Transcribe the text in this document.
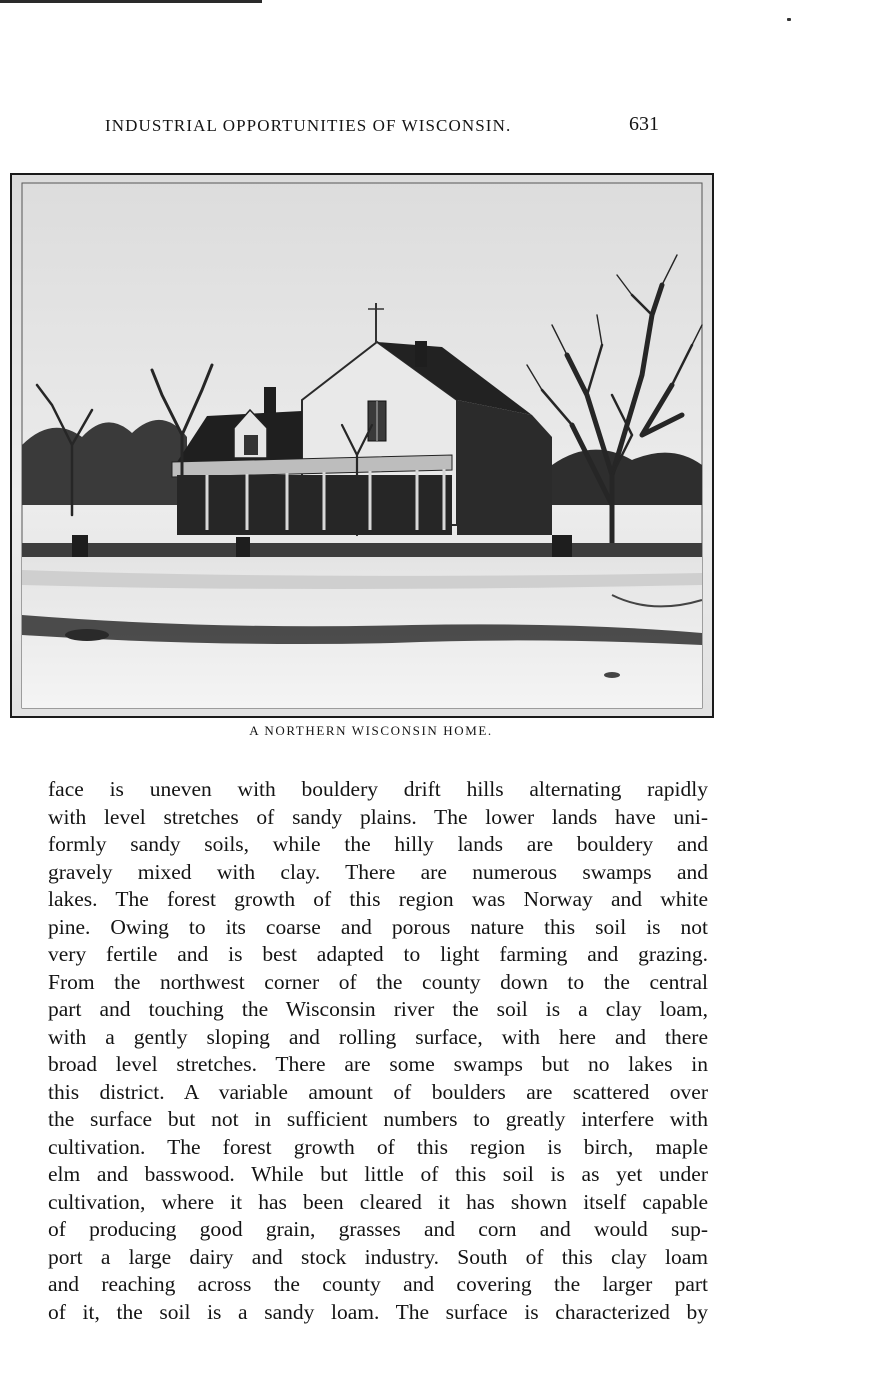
INDUSTRIAL OPPORTUNITIES OF WISCONSIN.	631
A NORTHERN WISCONSIN HOME.
face is uneven with bouldery drift hills alternating rapidly
with level stretches of sandy plains. The lower lands have uni-
formly sandy soils, while the hilly lands are bouldery and
gravely mixed with clay. There are numerous swamps and
lakes. The forest growth of this region was Norway and white
pine. Owing to its coarse and porous nature this soil is not
very fertile and is best adapted to light farming and grazing.
From the northwest corner of the county down to the central
part and touching the Wisconsin river the soil is a clay loam,
with a gently sloping and rolling surface, with here and there
broad level stretches. There are some swamps but no lakes in
this district. A variable amount of boulders are scattered over
the surface but not in sufficient numbers to greatly interfere with
cultivation. The forest growth of this region is birch, maple
elm and basswood. While but little of this soil is as yet under
cultivation, where it has been cleared it has shown itself capable
of producing good grain, grasses and corn and would sup-
port a large dairy and stock industry. South of this clay loam
and reaching across the county and covering the larger part
of it, the soil is a sandy loam. The surface is characterized by
